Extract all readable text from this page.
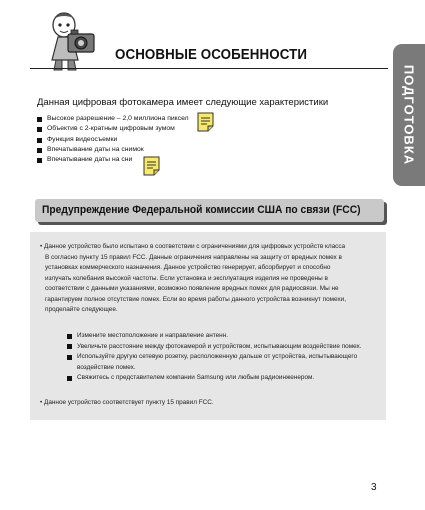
ОСНОВНЫЕ ОСОБЕННОСТИ
ПОДГОТОВКА
Данная цифровая фотокамера имеет следующие характеристики
Высокое разрешение – 2,0 миллиона пиксел
Объектив с 2-кратным цифровым зумом
Функция видеосъемки
Впечатывание даты на снимок
Впечатывание даты на сни
Предупреждение Федеральной комиссии США по связи (FCC)

• Данное устройство было испытано в соответствии с ограничениями для цифровых устройств класса

B согласно пункту 15 правил FCC. Данные ограничения направлены на защиту от вредных помех в

установках коммерческого назначения. Данное устройство генерирует, абсорбирует и способно

излучать колебания высокой частоты. Если установка и эксплуатация изделия не проведены в

соответствии с данными указаниями, возможно появление вредных помех для радиосвязи. Мы не

гарантируем полное отсутствие помех. Если во время работы данного устройства возникнут помехи,

проделайте следующее.

Измените местоположение и направление антенн.
Увеличьте расстояние между фотокамерой и устройством, испытывающим воздействие помех.
Используйте другую сетевую розетку, расположенную дальше от устройства, испытывающего
воздействие помех.
Свяжитесь с представителем компании Samsung или любым радиоинженером.
• Данное устройство соответствует пункту 15 правил FCC.
3
